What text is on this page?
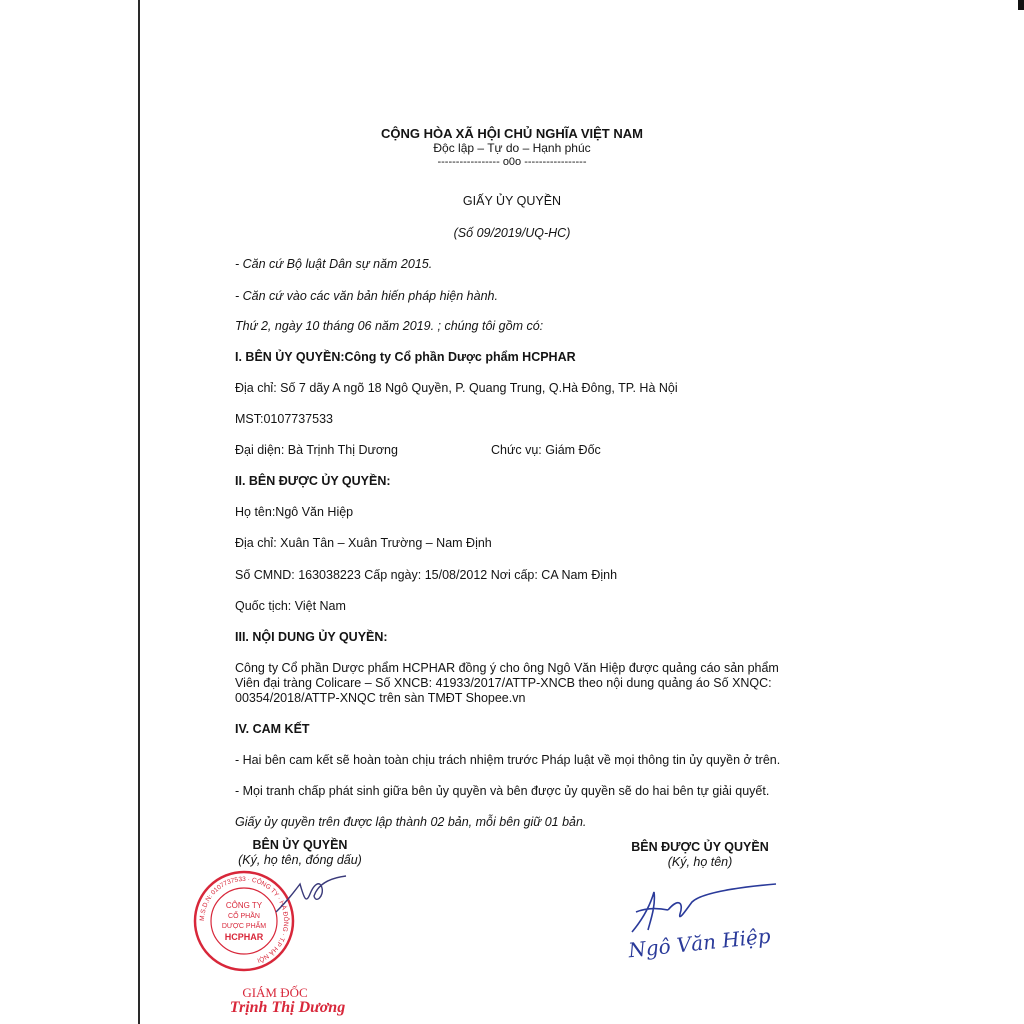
CỘNG HÒA XÃ HỘI CHỦ NGHĨA VIỆT NAM
Độc lập – Tự do – Hạnh phúc
----------------- o0o -----------------
GIẤY ỦY QUYỀN
(Số 09/2019/UQ-HC)
- Căn cứ Bộ luật Dân sự năm 2015.
- Căn cứ vào các văn bản hiến pháp hiện hành.
Thứ 2, ngày 10 tháng 06 năm 2019. ; chúng tôi gồm có:
I. BÊN ỦY QUYỀN:Công ty Cổ phần Dược phẩm HCPHAR
Địa chỉ: Số 7 dãy A ngõ 18 Ngô Quyền, P. Quang Trung, Q.Hà Đông, TP. Hà Nội
MST:0107737533
Đại diện: Bà Trịnh Thị Dương	Chức vụ: Giám Đốc
II. BÊN ĐƯỢC ỦY QUYỀN:
Họ tên:Ngô Văn Hiệp
Địa chỉ: Xuân Tân – Xuân Trường – Nam Định
Số CMND: 163038223 Cấp ngày: 15/08/2012 Nơi cấp: CA Nam Định
Quốc tịch: Việt Nam
III. NỘI DUNG ỦY QUYỀN:
Công ty Cổ phần Dược phẩm HCPHAR đồng ý cho ông Ngô Văn Hiệp được quảng cáo sản phẩm
Viên đại tràng Colicare – Số XNCB: 41933/2017/ATTP-XNCB theo nội dung quảng áo Số XNQC:
00354/2018/ATTP-XNQC trên sàn TMĐT Shopee.vn
IV. CAM KẾT
- Hai bên cam kết sẽ hoàn toàn chịu trách nhiệm trước Pháp luật về mọi thông tin ủy quyền ở trên.
- Mọi tranh chấp phát sinh giữa bên ủy quyền và bên được ủy quyền sẽ do hai bên tự giải quyết.
Giấy ủy quyền trên được lập thành 02 bản, mỗi bên giữ 01 bản.
BÊN ỦY QUYỀN
(Ký, họ tên, đóng dấu)
BÊN ĐƯỢC ỦY QUYỀN
(Ký, họ tên)
M.S.D.N: 0107737533 · CÔNG TY · HÀ ĐÔNG · T.P HÀ NỘI
CÔNG TY
CỔ PHẦN
DƯỢC PHẨM
HCPHAR
GIÁM ĐỐC
Trịnh Thị Dương
Ngô Văn Hiệp
